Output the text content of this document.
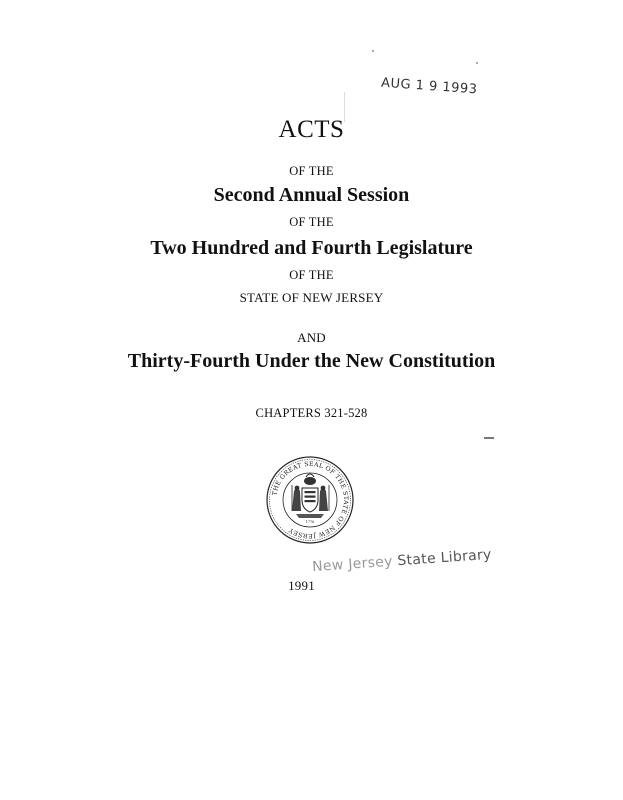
AUG 1 9 1993
ACTS
OF THE
Second Annual Session
OF THE
Two Hundred and Fourth Legislature
OF THE
STATE OF NEW JERSEY
AND
Thirty-Fourth Under the New Constitution
CHAPTERS 321-528
THE GREAT SEAL OF THE STATE OF NEW JERSEY
1776
New Jersey State Library
1991
